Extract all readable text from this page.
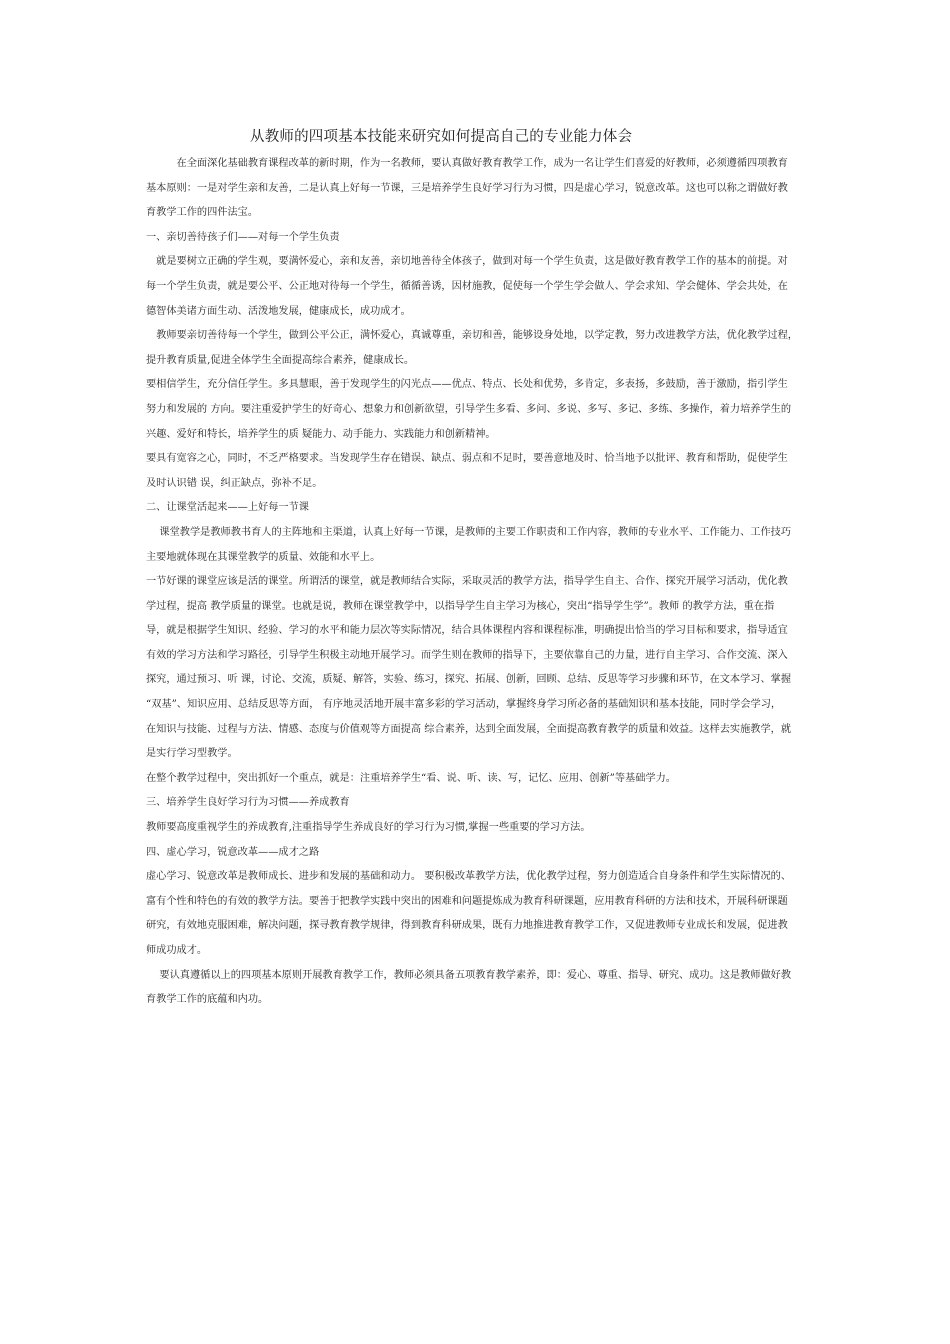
从教师的四项基本技能来研究如何提高自己的专业能力体会
　　　在全面深化基础教育课程改革的新时期，作为一名教师，要认真做好教育教学工作，成为一名让学生们喜爱的好教师，必须遵循四项教育
基本原则：一是对学生亲和友善，二是认真上好每一节课，三是培养学生良好学习行为习惯，四是虚心学习，锐意改革。这也可以称之谓做好教
育教学工作的四件法宝。
一、亲切善待孩子们——对每一个学生负责
　就是要树立正确的学生观，要满怀爱心，亲和友善，亲切地善待全体孩子，做到对每一个学生负责，这是做好教育教学工作的基本的前提。对
每一个学生负责，就是要公平、公正地对待每一个学生，循循善诱，因材施教，促使每一个学生学会做人、学会求知、学会健体、学会共处，在
德智体美诸方面生动、活泼地发展，健康成长，成功成才。
　教师要亲切善待每一个学生，做到公平公正，满怀爱心，真诚尊重，亲切和善，能够设身处地，以学定教，努力改进教学方法，优化教学过程，
提升教育质量,促进全体学生全面提高综合素养，健康成长。
要相信学生，充分信任学生。多具慧眼，善于发现学生的闪光点——优点、特点、长处和优势，多肯定，多表扬，多鼓励，善于激励，指引学生
努力和发展的 方向。要注重爱护学生的好奇心、想象力和创新欲望，引导学生多看、多问、多说、多写、多记、多练、多操作，着力培养学生的
兴趣、爱好和特长，培养学生的质 疑能力、动手能力、实践能力和创新精神。
要具有宽容之心，同时，不乏严格要求。当发现学生存在错误、缺点、弱点和不足时，要善意地及时、恰当地予以批评、教育和帮助，促使学生
及时认识错 误，纠正缺点，弥补不足。
二、让课堂活起来——上好每一节课
　 课堂教学是教师教书育人的主阵地和主渠道，认真上好每一节课，是教师的主要工作职责和工作内容，教师的专业水平、工作能力、工作技巧
主要地就体现在其课堂教学的质量、效能和水平上。
一节好课的课堂应该是活的课堂。所谓活的课堂，就是教师结合实际，采取灵活的教学方法，指导学生自主、合作、探究开展学习活动，优化教
学过程，提高 教学质量的课堂。也就是说，教师在课堂教学中，以指导学生自主学习为核心，突出“指导学生学”。教师 的教学方法，重在指
导，就是根据学生知识、经验、学习的水平和能力层次等实际情况，结合具体课程内容和课程标准，明确提出恰当的学习目标和要求，指导适宜
有效的学习方法和学习路径，引导学生积极主动地开展学习。而学生则在教师的指导下，主要依靠自己的力量，进行自主学习、合作交流、深入
探究，通过预习、听 课，讨论、交流，质疑、解答，实验、练习，探究、拓展、创新，回顾、总结、反思等学习步骤和环节，在文本学习、掌握
“双基”、知识应用、总结反思等方面， 有序地灵活地开展丰富多彩的学习活动，掌握终身学习所必备的基础知识和基本技能，同时学会学习，
在知识与技能、过程与方法、情感、态度与价值观等方面提高 综合素养，达到全面发展，全面提高教育教学的质量和效益。这样去实施教学，就
是实行学习型教学。
在整个教学过程中，突出抓好一个重点，就是：注重培养学生“看、说、听、读、写，记忆、应用、创新”等基础学力。
三、培养学生良好学习行为习惯——养成教育
教师要高度重视学生的养成教育,注重指导学生养成良好的学习行为习惯,掌握一些重要的学习方法。
四、虚心学习，锐意改革——成才之路
虚心学习、锐意改革是教师成长、进步和发展的基础和动力。 要积极改革教学方法，优化教学过程，努力创造适合自身条件和学生实际情况的、
富有个性和特色的有效的教学方法。要善于把教学实践中突出的困难和问题提炼成为教育科研课题，应用教育科研的方法和技术，开展科研课题
研究，有效地克服困难，解决问题，探寻教育教学规律，得到教育科研成果，既有力地推进教育教学工作，又促进教师专业成长和发展，促进教
师成功成才。
　 要认真遵循以上的四项基本原则开展教育教学工作，教师必须具备五项教育教学素养，即：爱心、尊重、指导、研究、成功。这是教师做好教
育教学工作的底蕴和内功。
